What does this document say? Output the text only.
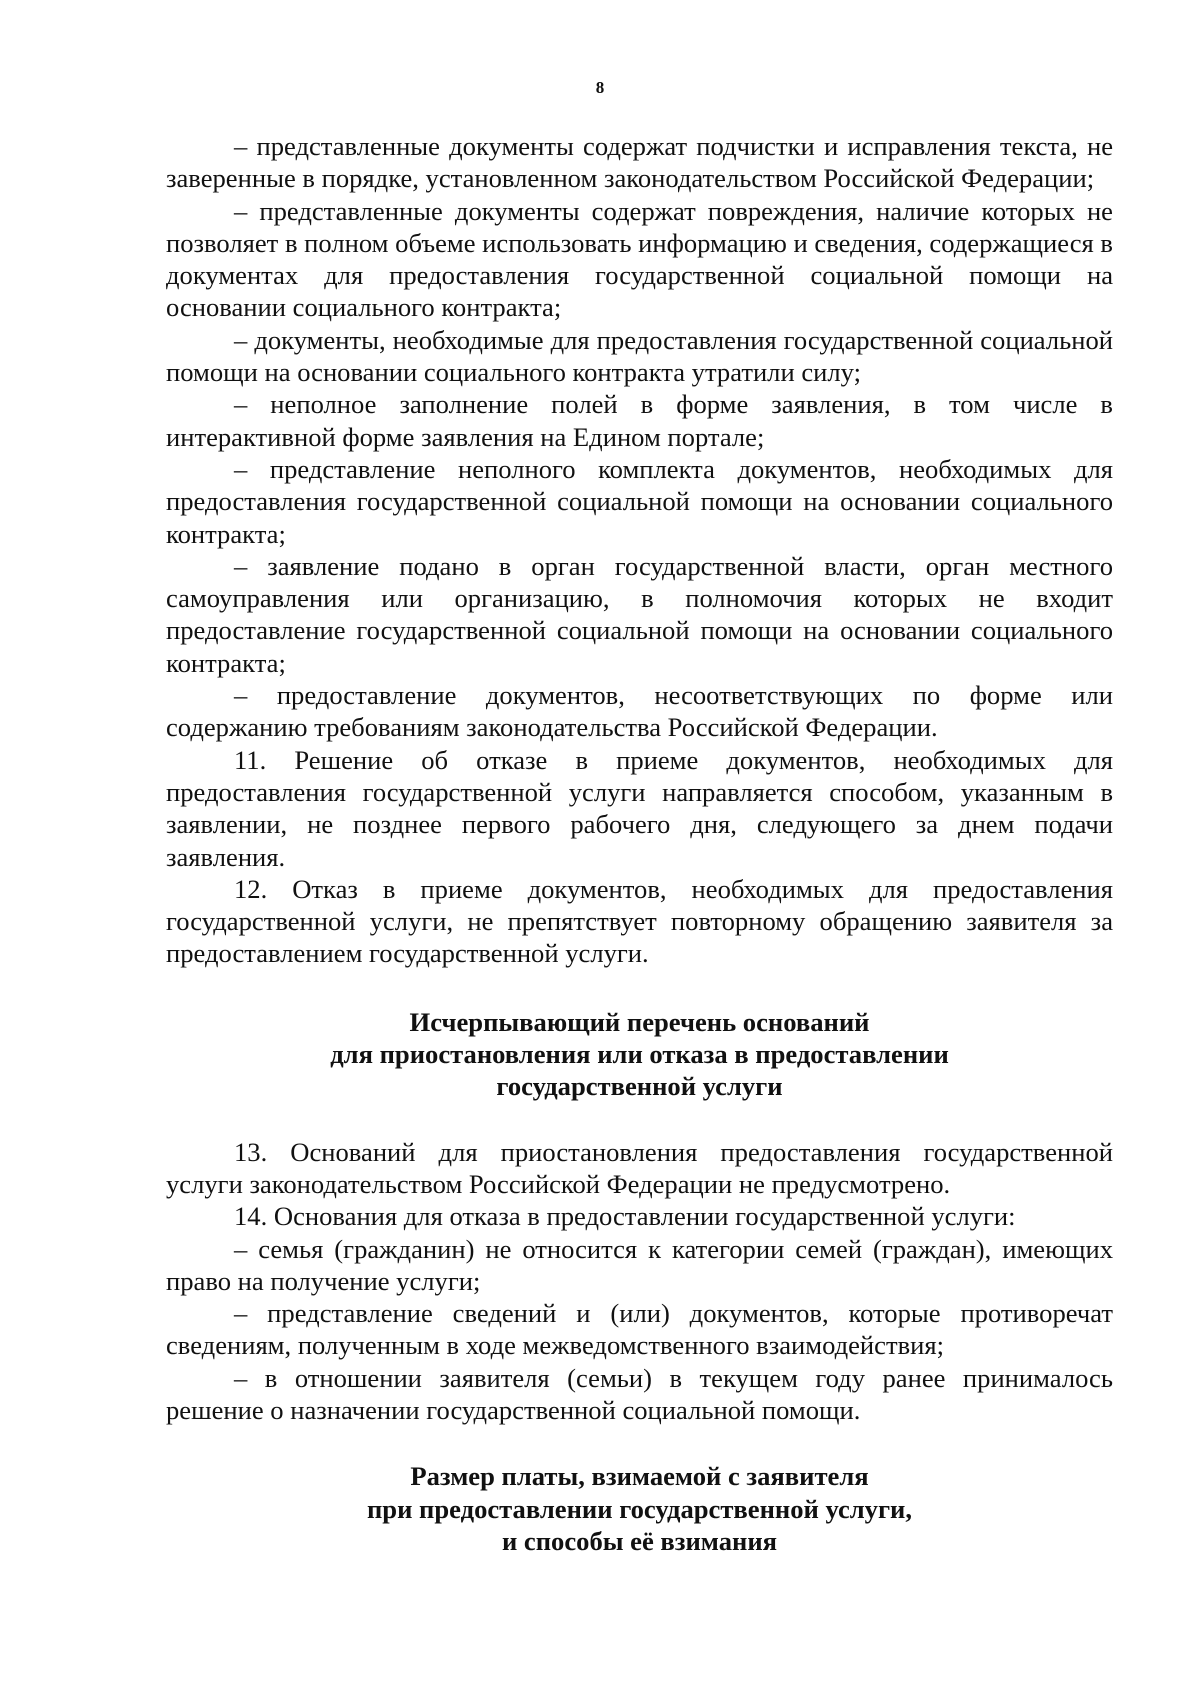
8

– представленные документы содержат подчистки и исправления текста, не заверенные в порядке, установленном законодательством Российской Федерации;

– представленные документы содержат повреждения, наличие которых не позволяет в полном объеме использовать информацию и сведения, содержащиеся в документах для предоставления государственной социальной помощи на основании социального контракта;

– документы, необходимые для предоставления государственной социальной помощи на основании социального контракта утратили силу;

– неполное заполнение полей в форме заявления, в том числе в интерактивной форме заявления на Едином портале;

– представление неполного комплекта документов, необходимых для предоставления государственной социальной помощи на основании социального контракта;

– заявление подано в орган государственной власти, орган местного самоуправления или организацию, в полномочия которых не входит предоставление государственной социальной помощи на основании социального контракта;

– предоставление документов, несоответствующих по форме или содержанию требованиям законодательства Российской Федерации.

11. Решение об отказе в приеме документов, необходимых для предоставления государственной услуги направляется способом, указанным в заявлении, не позднее первого рабочего дня, следующего за днем подачи заявления.

12. Отказ в приеме документов, необходимых для предоставления государственной услуги, не препятствует повторному обращению заявителя за предоставлением государственной услуги.

Исчерпывающий перечень оснований
для приостановления или отказа в предоставлении
государственной услуги

13. Оснований для приостановления предоставления государственной услуги законодательством Российской Федерации не предусмотрено.

14. Основания для отказа в предоставлении государственной услуги:

– семья (гражданин) не относится к категории семей (граждан), имеющих право на получение услуги;

– представление сведений и (или) документов, которые противоречат сведениям, полученным в ходе межведомственного взаимодействия;

– в отношении заявителя (семьи) в текущем году ранее принималось решение о назначении государственной социальной помощи.

Размер платы, взимаемой с заявителя
при предоставлении государственной услуги,
и способы её взимания
